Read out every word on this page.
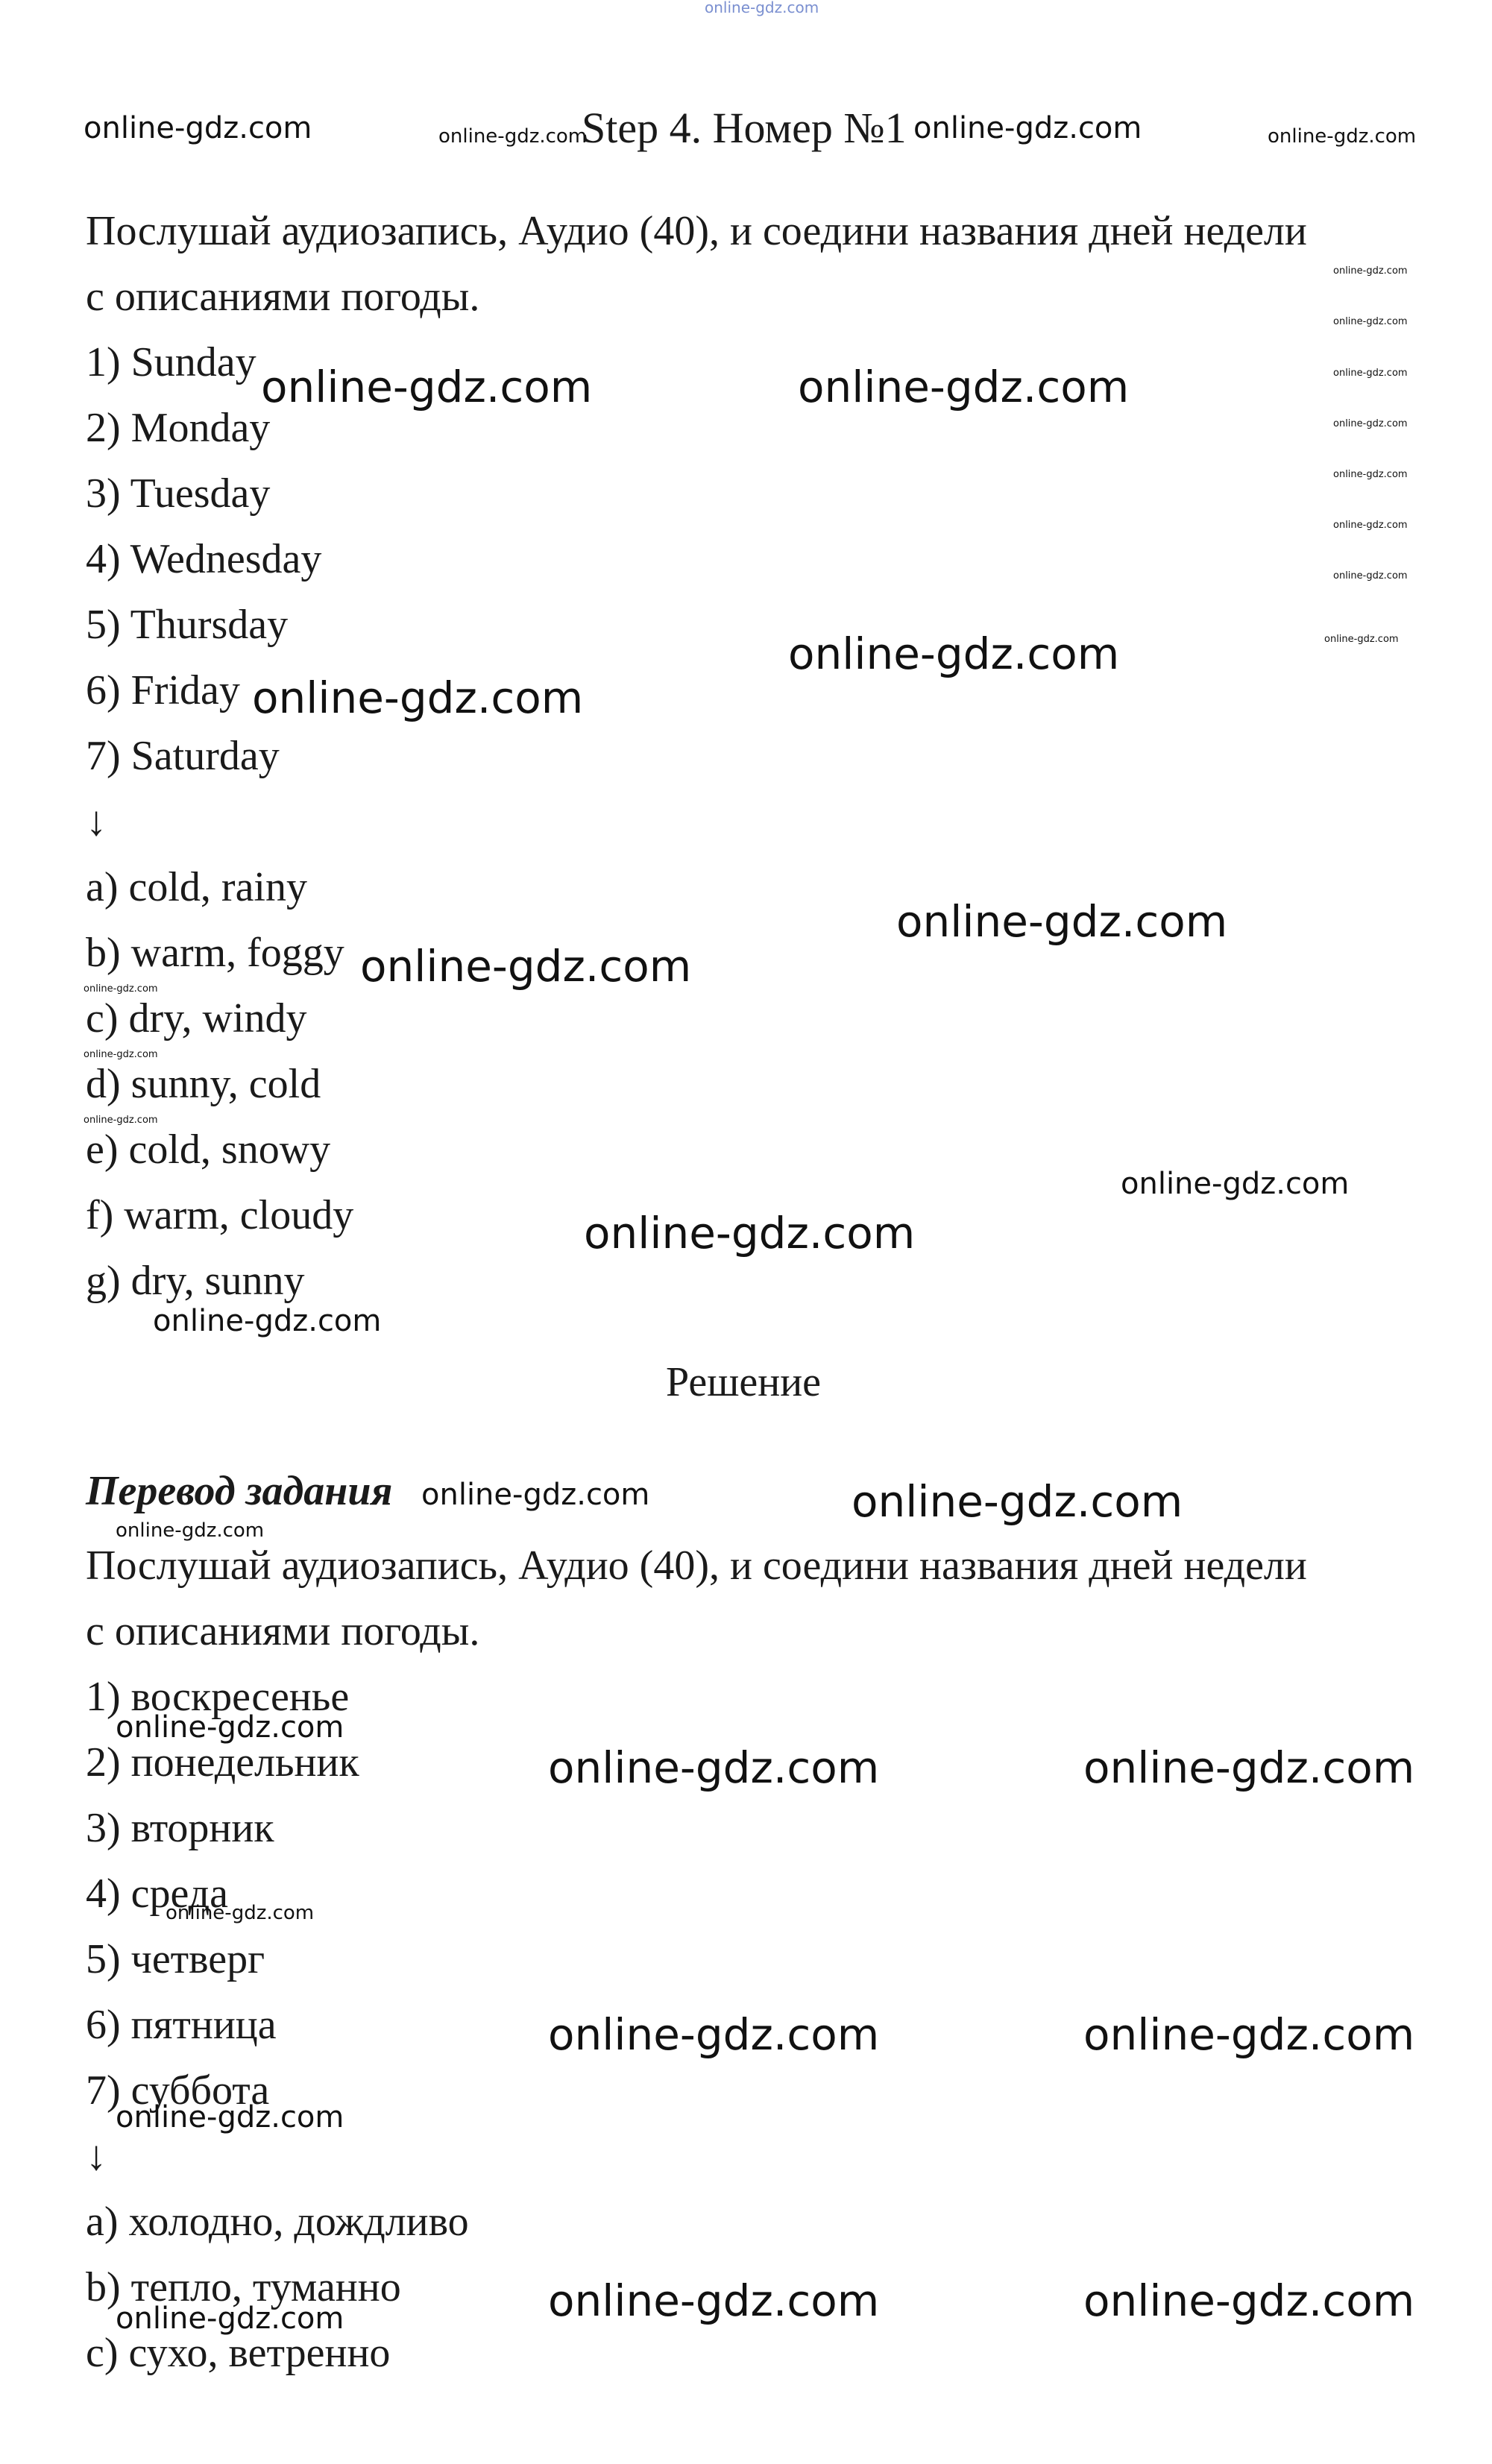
online-gdz.com
Step 4. Номер №1
Послушай аудиозапись, Аудио (40), и соедини названия дней недели
с описаниями погоды.
1) Sunday
2) Monday
3) Tuesday
4) Wednesday
5) Thursday
6) Friday
7) Saturday
↓
a) cold, rainy
b) warm, foggy
c) dry, windy
d) sunny, cold
e) cold, snowy
f) warm, cloudy
g) dry, sunny
Решение
Перевод задания
Послушай аудиозапись, Аудио (40), и соедини названия дней недели
с описаниями погоды.
1) воскресенье
2) понедельник
3) вторник
4) среда
5) четверг
6) пятница
7) суббота
↓
a) холодно, дождливо
b) тепло, туманно
c) сухо, ветренно
online-gdz.com	online-gdz.com	online-gdz.com	online-gdz.com
online-gdz.com
online-gdz.com
online-gdz.com
online-gdz.com
online-gdz.com
online-gdz.com
online-gdz.com
online-gdz.com
online-gdz.com	online-gdz.com
online-gdz.com
online-gdz.com
online-gdz.com
online-gdz.com
online-gdz.com
online-gdz.com
online-gdz.com
online-gdz.com
online-gdz.com
online-gdz.com
online-gdz.com	online-gdz.com
online-gdz.com
online-gdz.com
online-gdz.com	online-gdz.com
online-gdz.com
online-gdz.com	online-gdz.com
online-gdz.com
online-gdz.com	online-gdz.com
online-gdz.com
